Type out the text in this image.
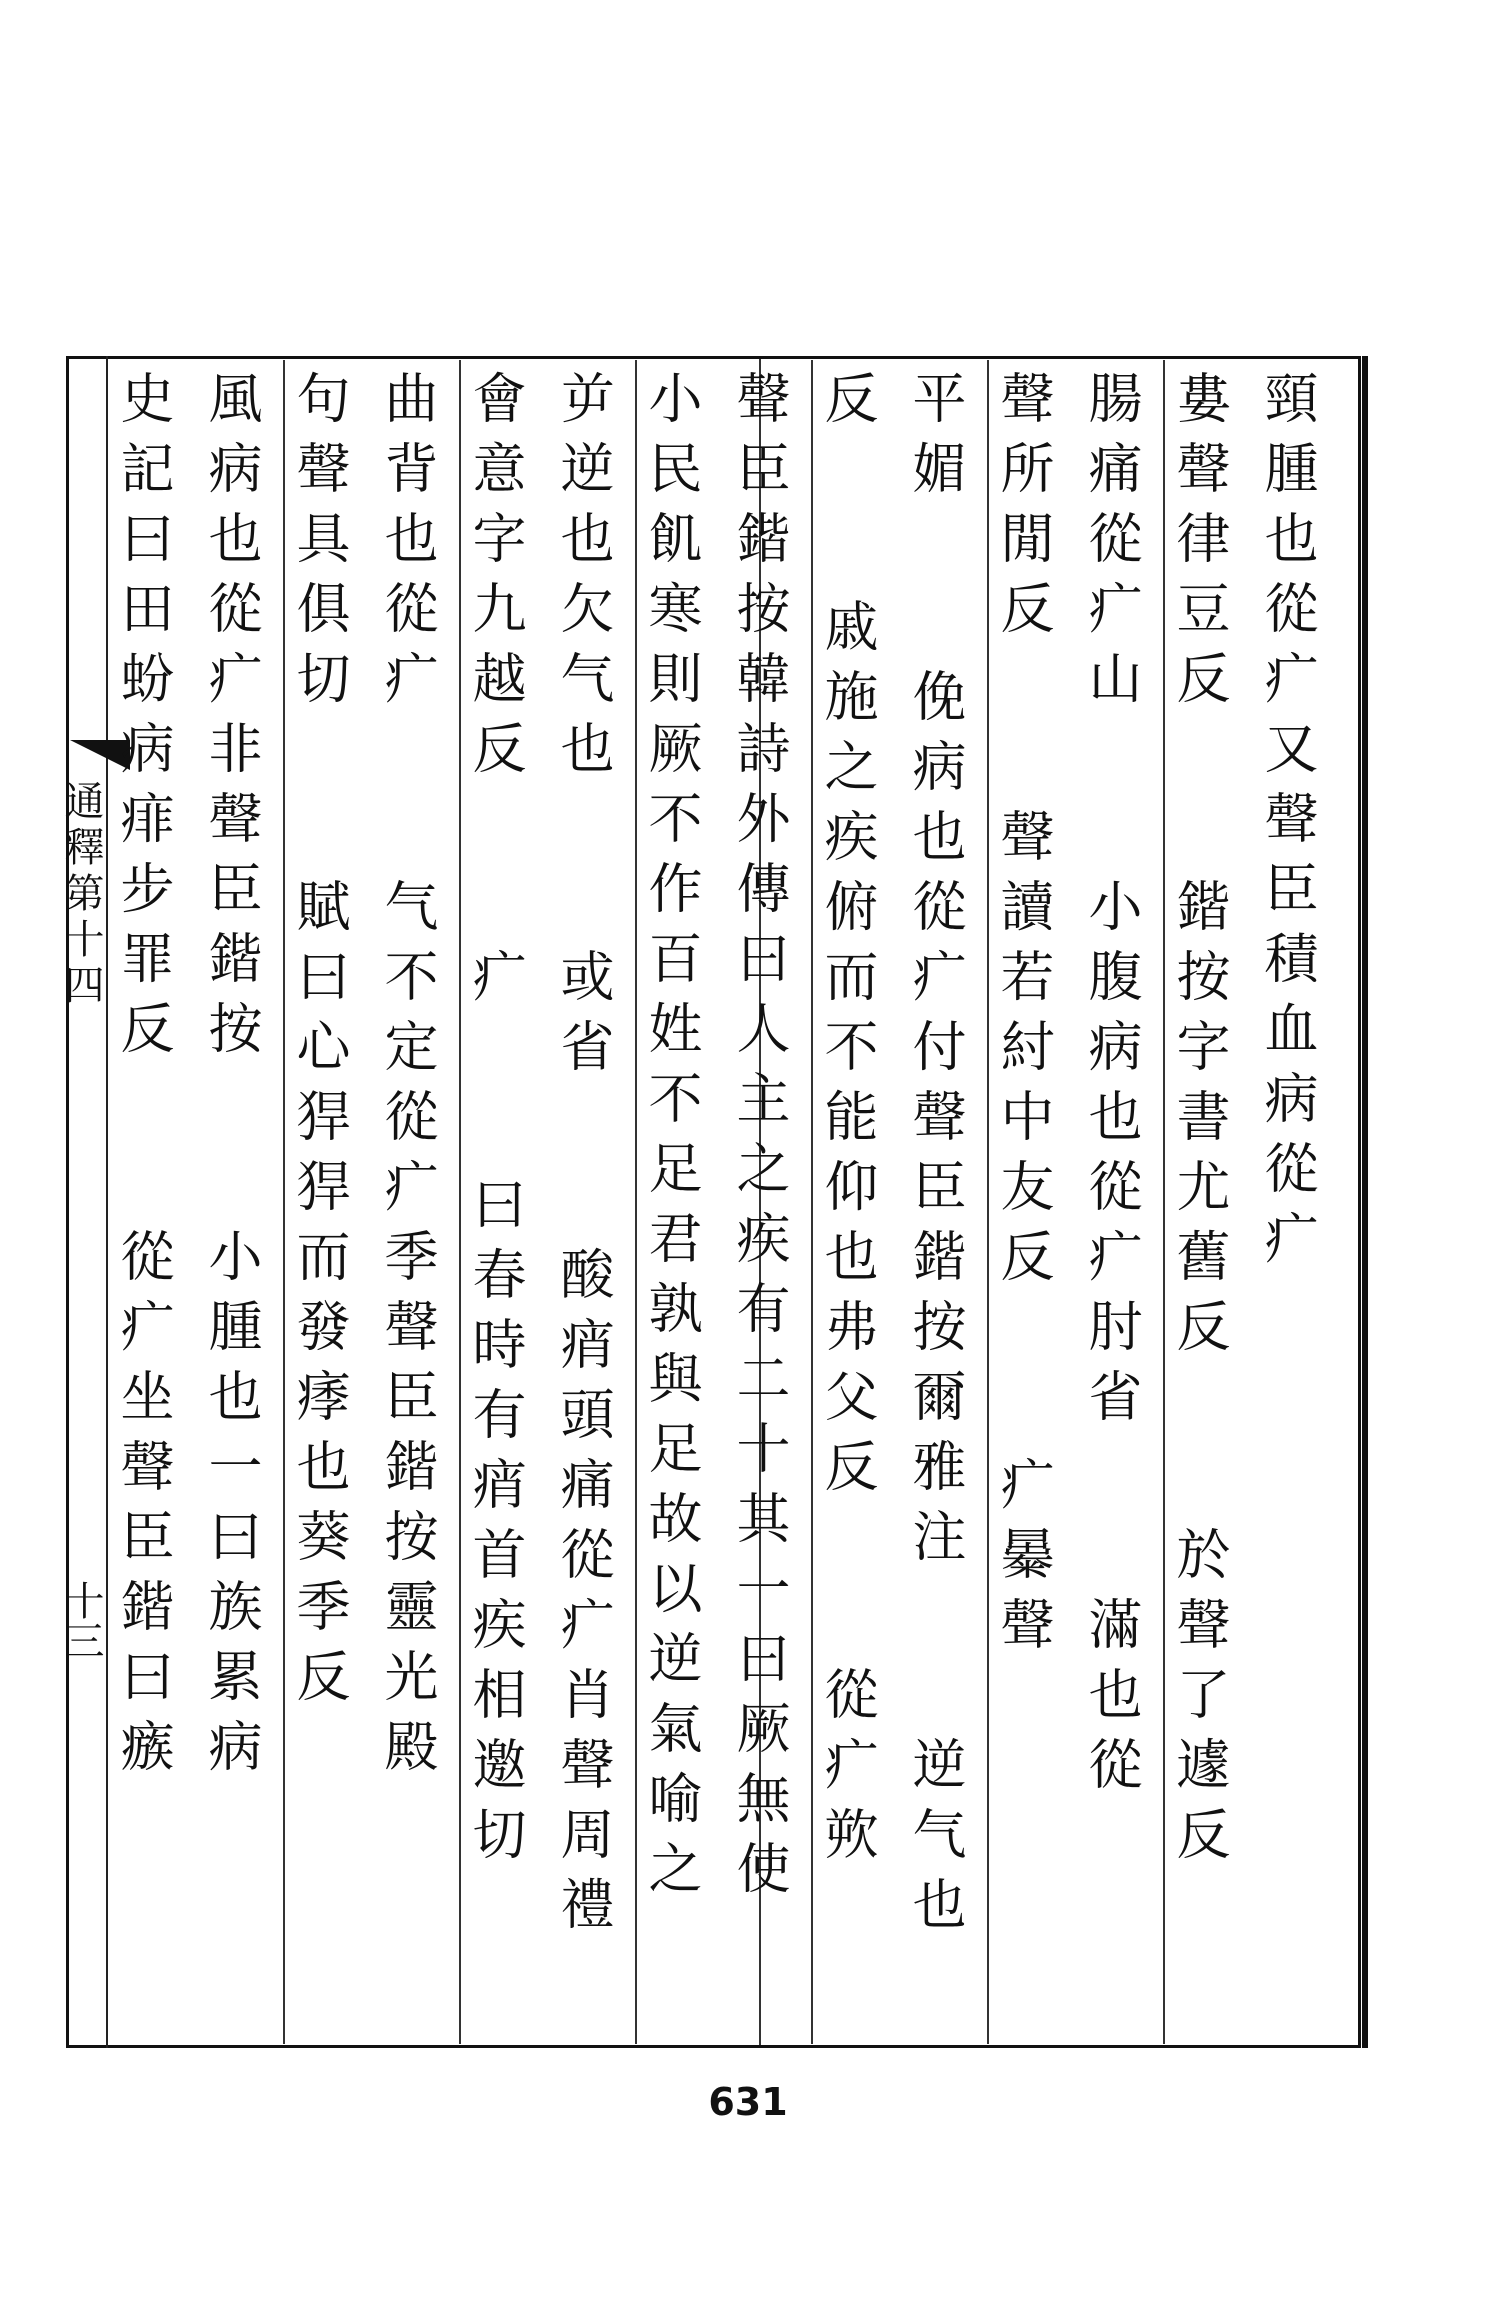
通釋第十四
十三
頸腫也從疒又聲臣積血病從疒
婁聲律豆反  鍇按字書尤舊反  於聲了遽反
腸痛從疒山  小腹病也從疒肘省  滿也從
聲所閒反  聲讀若紂中友反  疒㬥聲
平媚  俛病也從疒付聲臣鍇按爾雅注  逆气也
反  戚施之疾俯而不能仰也弗父反  從疒欮
聲臣鍇按韓詩外傳曰人主之疾有二十其一曰厥無使
小民飢寒則厥不作百姓不足君孰與足故以逆氣喻之
屰逆也欠气也  或省  酸痟頭痛從疒肖聲周禮
會意字九越反  疒  曰春時有痟首疾相邀切
曲背也從疒  气不定從疒季聲臣鍇按靈光殿
句聲具俱切  賦曰心猂猂而發痵也葵季反
風病也從疒非聲臣鍇按  小腫也一曰族累病
史記曰田蚡病痱步罪反  從疒坐聲臣鍇曰瘯
631
